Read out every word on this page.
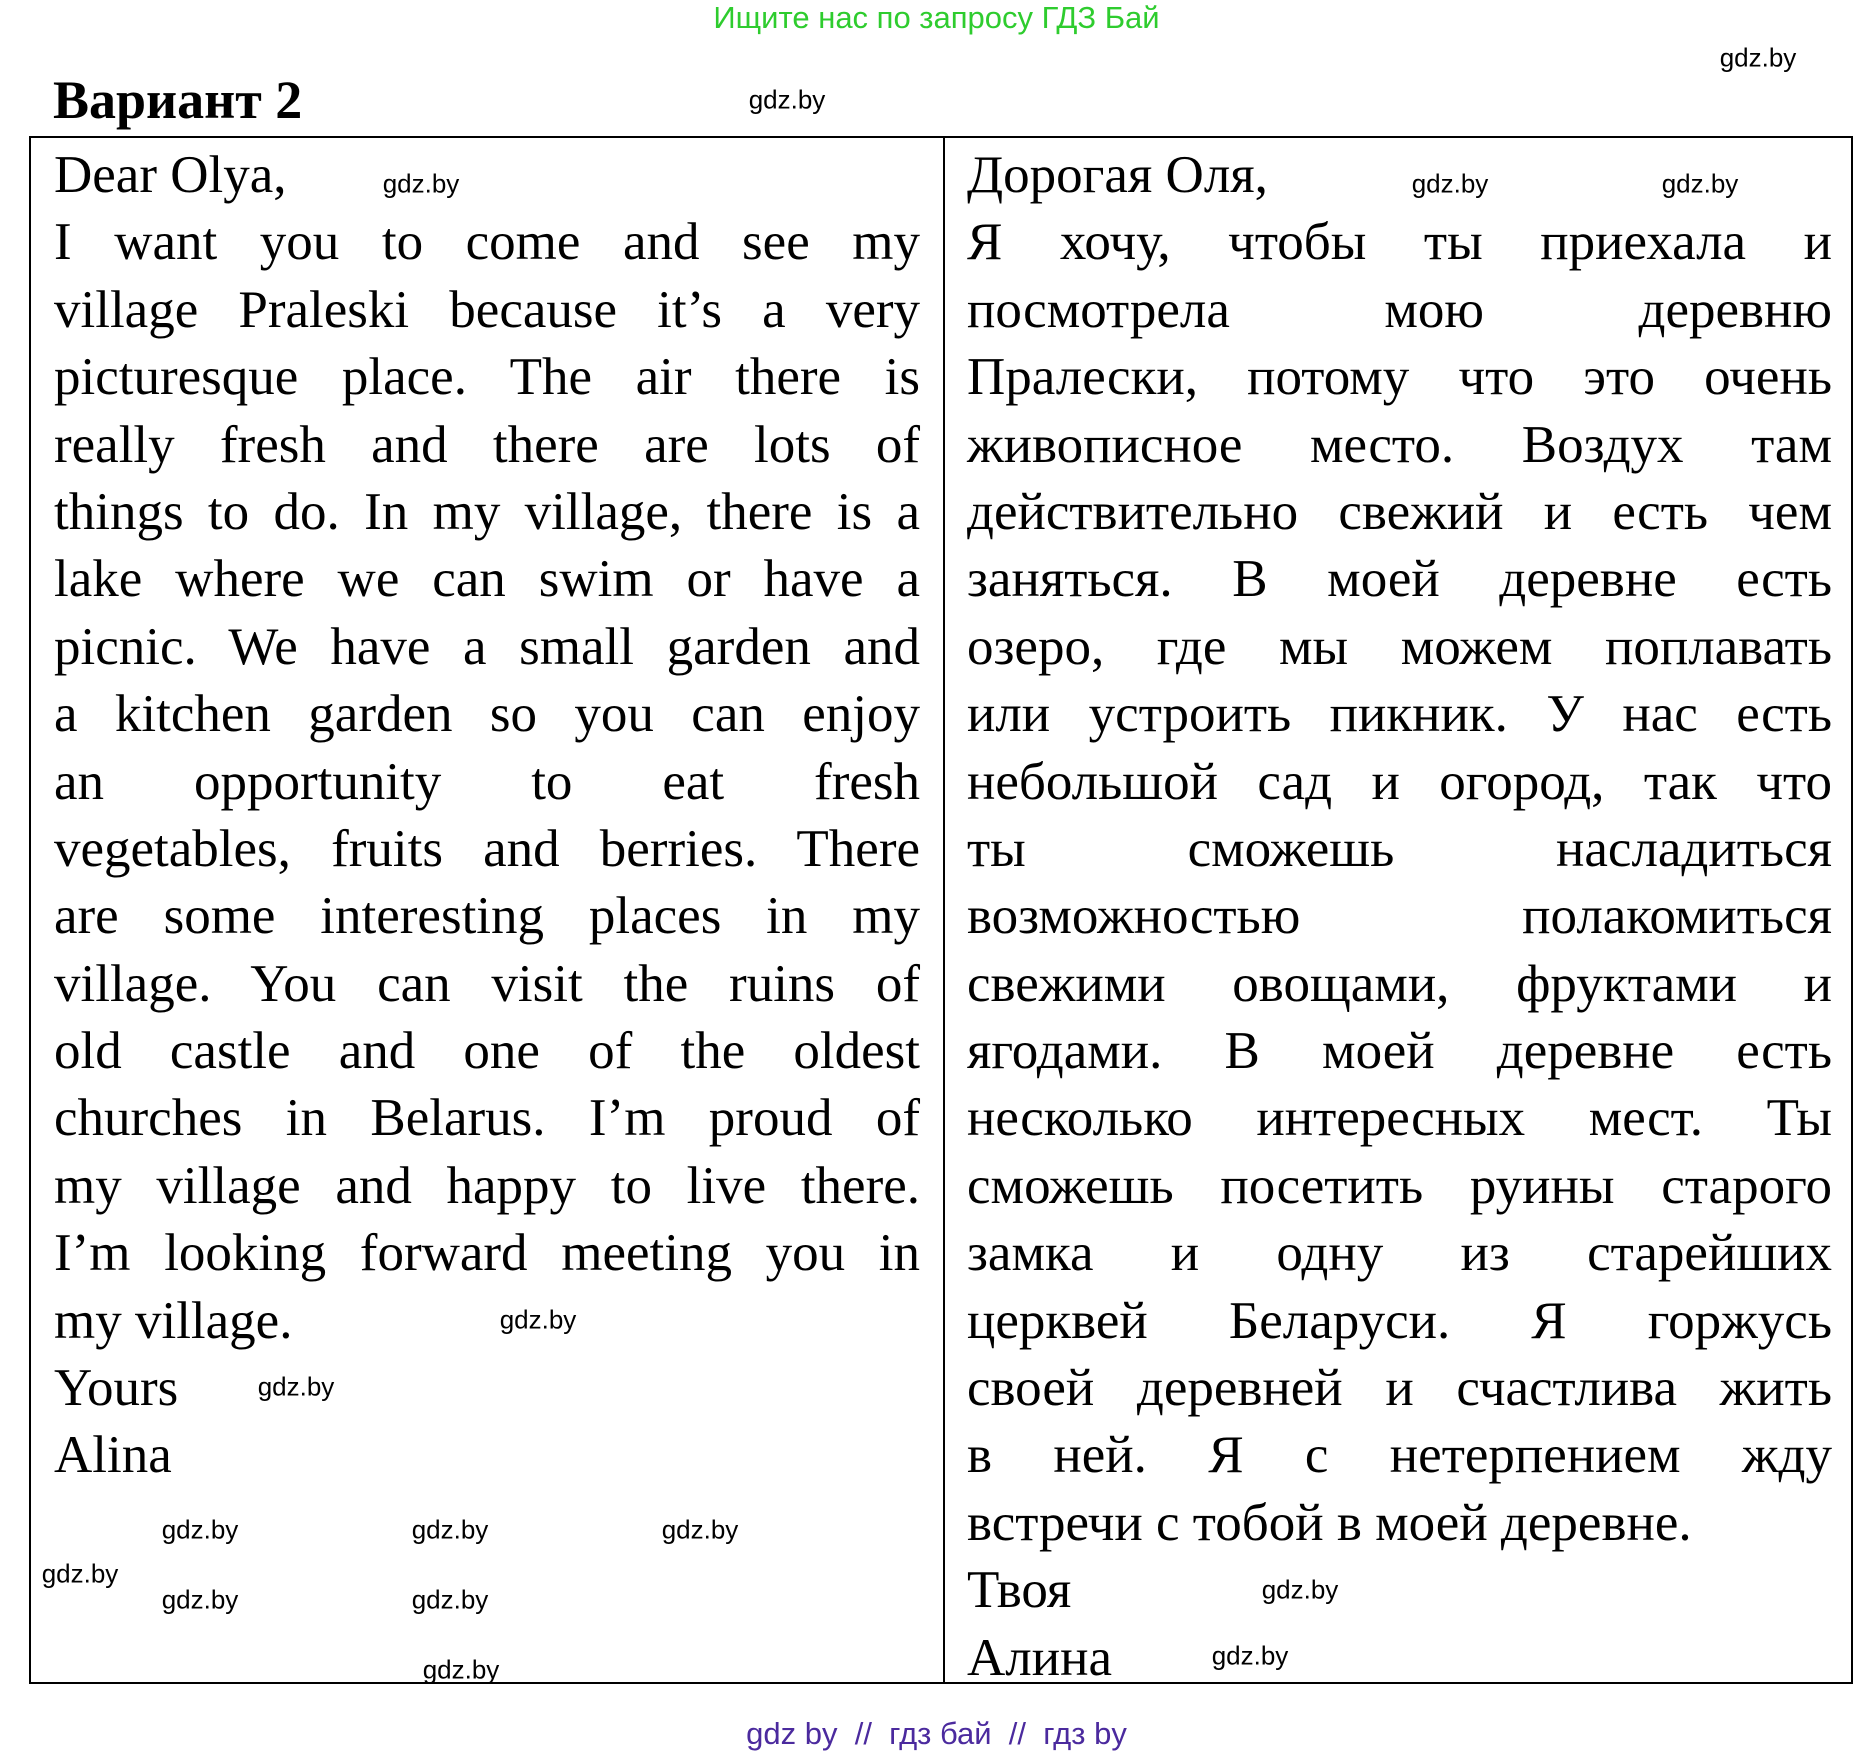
Ищите нас по запросу ГДЗ Бай
Вариант 2
Dear Olya,
I want you to come and see my
village Praleski because it’s a very
picturesque place. The air there is
really fresh and there are lots of
things to do. In my village, there is a
lake where we can swim or have a
picnic. We have a small garden and
a kitchen garden so you can enjoy
an opportunity to eat fresh
vegetables, fruits and berries. There
are some interesting places in my
village. You can visit the ruins of
old castle and one of the oldest
churches in Belarus. I’m proud of
my village and happy to live there.
I’m looking forward meeting you in
my village.
Yours
Alina
Дорогая Оля,
Я хочу, чтобы ты приехала и
посмотрела мою деревню
Пралески, потому что это очень
живописное место. Воздух там
действительно свежий и есть чем
заняться. В моей деревне есть
озеро, где мы можем поплавать
или устроить пикник. У нас есть
небольшой сад и огород, так что
ты сможешь насладиться
возможностью полакомиться
свежими овощами, фруктами и
ягодами. В моей деревне есть
несколько интересных мест. Ты
сможешь посетить руины старого
замка и одну из старейших
церквей Беларуси. Я горжусь
своей деревней и счастлива жить
в ней. Я с нетерпением жду
встречи с тобой в моей деревне.
Твоя
Алина
gdz.by
gdz.by
gdz.by	gdz.by
gdz.by
gdz.by
gdz.by	gdz.by
gdz.by	gdz.by
gdz.by
gdz.by
gdz.by
gdz.by
gdz.by
gdz.by
gdz by  //  гдз бай  //  гдз by
